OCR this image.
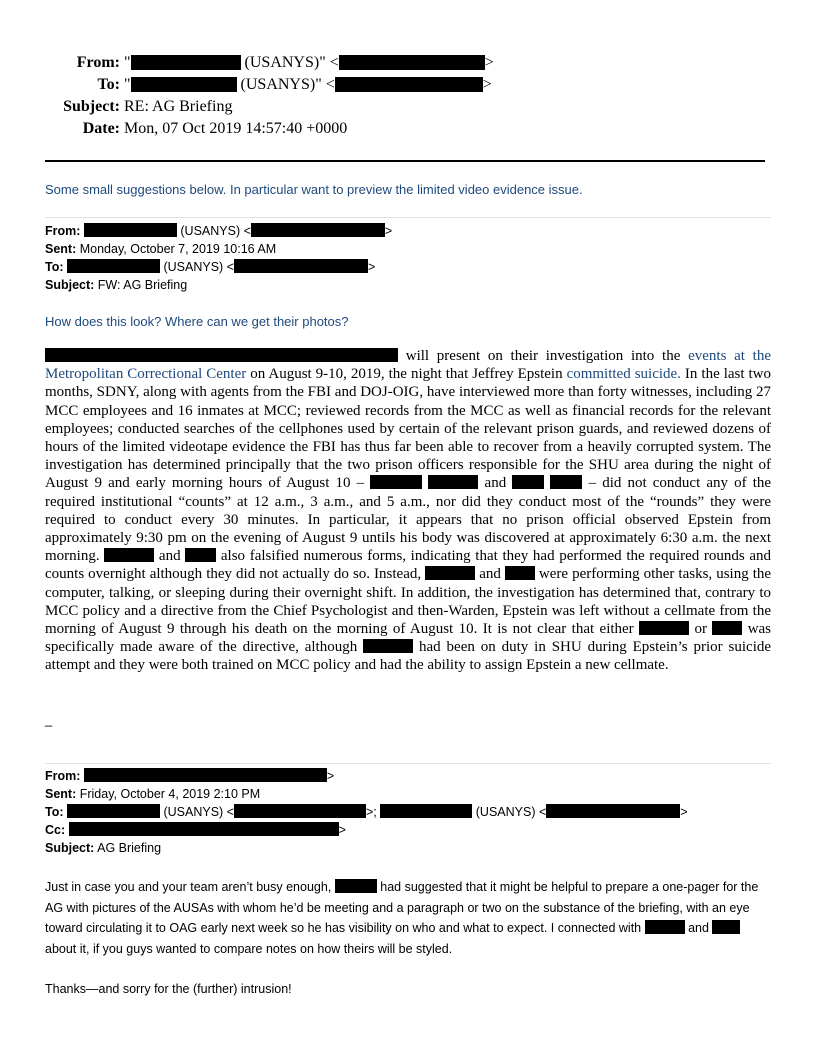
From: "	(USANYS)" <	>
To: "	(USANYS)" <	>
Subject: RE: AG Briefing
Date: Mon, 07 Oct 2019 14:57:40 +0000
Some small suggestions below. In particular want to preview the limited video evidence issue.
From:	(USANYS) <	>
Sent: Monday, October 7, 2019 10:16 AM
To:	(USANYS) <	>
Subject: FW: AG Briefing
How does this look? Where can we get their photos?
will present on their investigation into the events at the Metropolitan Correctional Center on August 9-10, 2019, the night that Jeffrey Epstein committed suicide. In the last two months, SDNY, along with agents from the FBI and DOJ-OIG, have interviewed more than forty witnesses, including 27 MCC employees and 16 inmates at MCC; reviewed records from the MCC as well as financial records for the relevant employees; conducted searches of the cellphones used by certain of the relevant prison guards, and reviewed dozens of hours of the limited videotape evidence the FBI has thus far been able to recover from a heavily corrupted system. The investigation has determined principally that the two prison officers responsible for the SHU area during the night of August 9 and early morning hours of August 10 –	and	– did not conduct any of the required institutional “counts” at 12 a.m., 3 a.m., and 5 a.m., nor did they conduct most of the “rounds” they were required to conduct every 30 minutes. In particular, it appears that no prison official observed Epstein from approximately 9:30 pm on the evening of August 9 untils his body was discovered at approximately 6:30 a.m. the next morning.	and	also falsified numerous forms, indicating that they had performed the required rounds and counts overnight although they did not actually do so. Instead,	and	were performing other tasks, using the computer, talking, or sleeping during their overnight shift. In addition, the investigation has determined that, contrary to MCC policy and a directive from the Chief Psychologist and then-Warden, Epstein was left without a cellmate from the morning of August 9 through his death on the morning of August 10. It is not clear that either	or	was specifically made aware of the directive, although	had been on duty in SHU during Epstein’s prior suicide attempt and they were both trained on MCC policy and had the ability to assign Epstein a new cellmate.
_
From:	>
Sent: Friday, October 4, 2019 2:10 PM
To:	(USANYS) <	>;	(USANYS) <	>
Cc:	>
Subject: AG Briefing
Just in case you and your team aren’t busy enough,	had suggested that it might be helpful to prepare a one-pager for the AG with pictures of the AUSAs with whom he’d be meeting and a paragraph or two on the substance of the briefing, with an eye toward circulating it to OAG early next week so he has visibility on who and what to expect. I connected with	and  about it, if you guys wanted to compare notes on how theirs will be styled.
Thanks—and sorry for the (further) intrusion!
